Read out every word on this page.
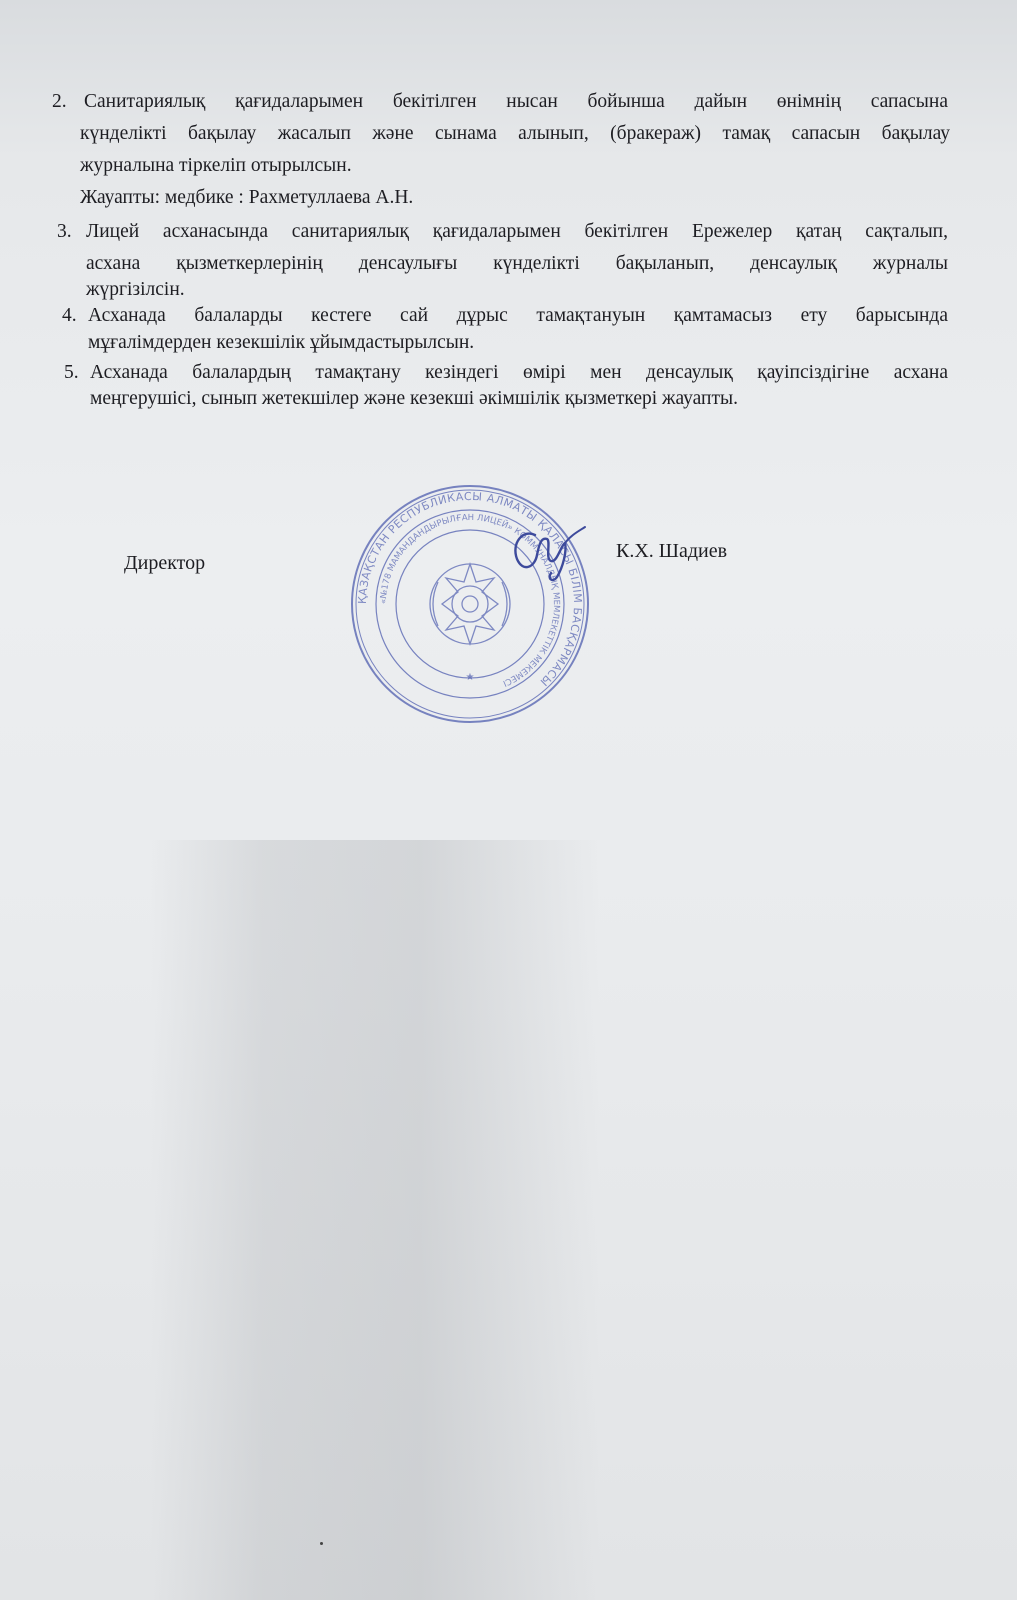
2. Санитариялық қағидаларымен бекітілген нысан бойынша дайын өнімнің сапасына
күнделікті бақылау жасалып және сынама алынып, (бракераж) тамақ сапасын бақылау
журналына тіркеліп отырылсын.
Жауапты: медбике : Рахметуллаева А.Н.
3. Лицей асханасында санитариялық қағидаларымен бекітілген Ережелер қатаң сақталып,
асхана қызметкерлерінің денсаулығы күнделікті бақыланып, денсаулық журналы
жүргізілсін.
4. Асханада балаларды кестеге сай дұрыс тамақтануын қамтамасыз ету барысында
мұғалімдерден кезекшілік ұйымдастырылсын.
5. Асханада балалардың тамақтану кезіндегі өмірі мен денсаулық қауіпсіздігіне асхана
меңгерушісі, сынып жетекшілер және кезекші әкімшілік қызметкері жауапты.
Директор
К.Х. Шадиев
ҚАЗАҚСТАН РЕСПУБЛИКАСЫ АЛМАТЫ ҚАЛАСЫ БІЛІМ БАСҚАРМАСЫ
«№178 МАМАНДАНДЫРЫЛҒАН ЛИЦЕЙ» КОММУНАЛДЫҚ МЕМЛЕКЕТТІК МЕКЕМЕСІ
★
